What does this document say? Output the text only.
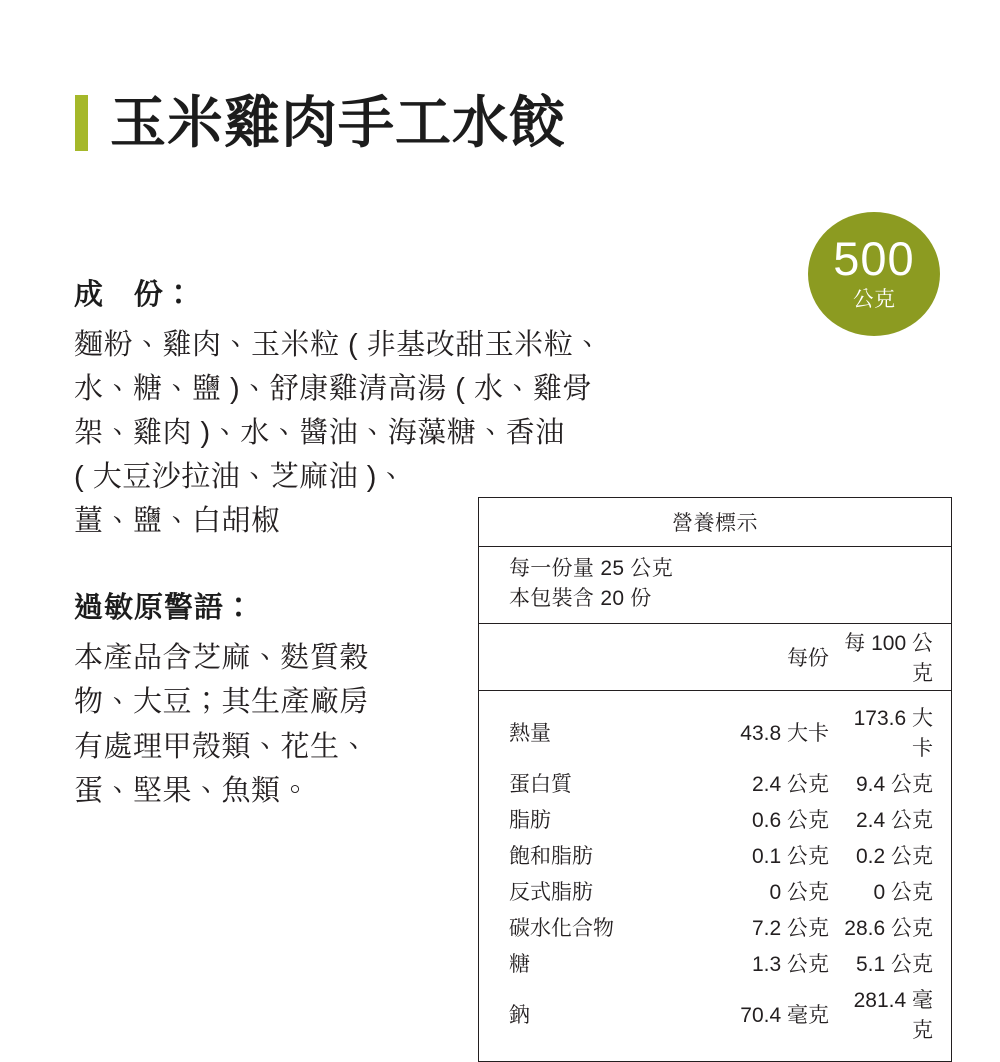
玉米雞肉手工水餃
500
公克

成　份：

麵粉、雞肉、玉米粒 ( 非基改甜玉米粒、
水、糖、鹽 )、舒康雞清高湯 ( 水、雞骨
架、雞肉 )、水、醬油、海藻糖、香油
( 大豆沙拉油、芝麻油 )、
薑、鹽、白胡椒

過敏原警語：

本產品含芝麻、麩質穀
物、大豆；其生產廠房
有處理甲殼類、花生、
蛋、堅果、魚類。

營養標示
每一份量 25 公克
本包裝含 20 份
	每份	每 100 公克
熱量	43.8 大卡	173.6 大卡
蛋白質	2.4 公克	9.4 公克
脂肪	0.6 公克	2.4 公克
飽和脂肪	0.1 公克	0.2 公克
反式脂肪	0 公克	0 公克
碳水化合物	7.2 公克	28.6 公克
糖	1.3 公克	5.1 公克
鈉	70.4 毫克	281.4 毫克
